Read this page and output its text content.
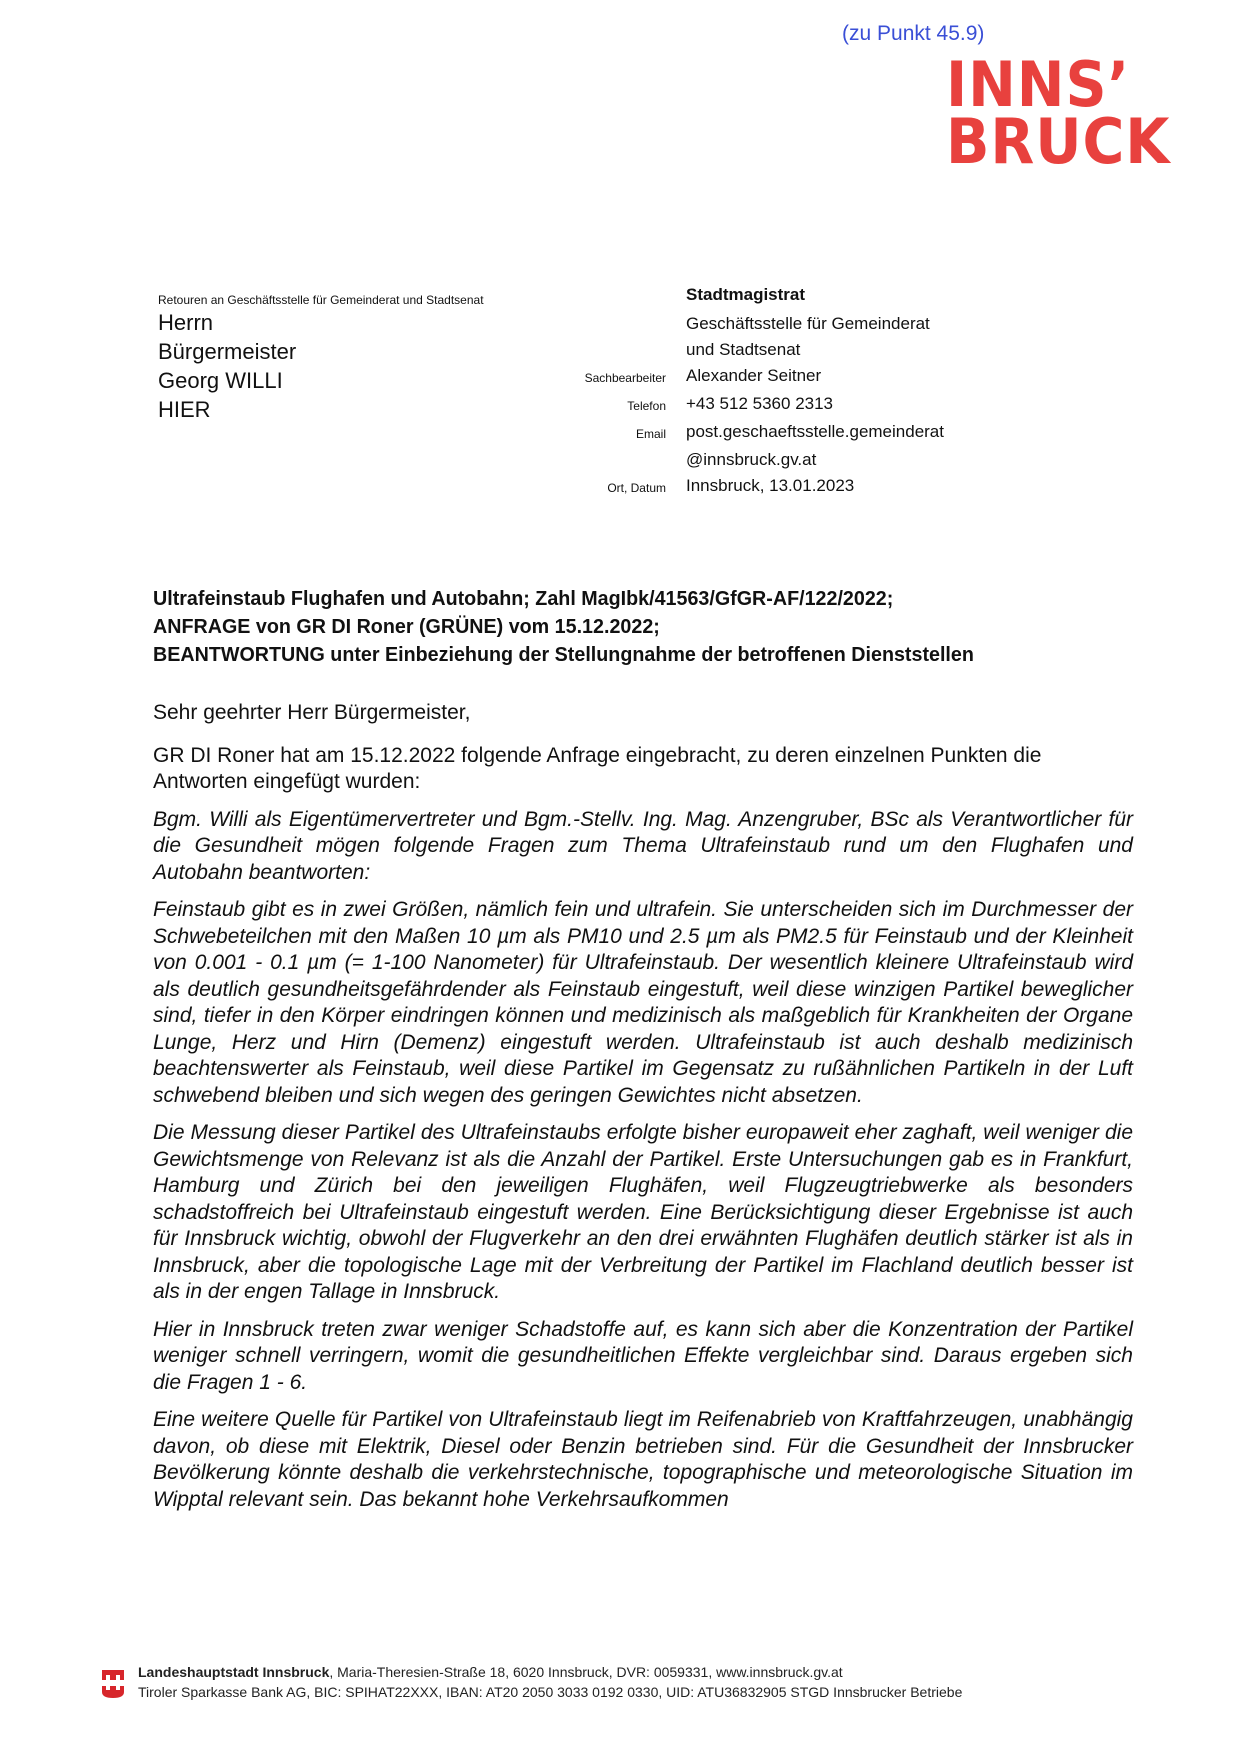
(zu Punkt 45.9)
INNS’
BRUCK
Retouren an Geschäftsstelle für Gemeinderat und Stadtsenat
Herrn
Bürgermeister
Georg WILLI
HIER
Stadtmagistrat
Geschäftsstelle für Gemeinderat
und Stadtsenat
Sachbearbeiter Alexander Seitner
Telefon +43 512 5360 2313
Email post.geschaeftsstelle.gemeinderat
@innsbruck.gv.at
Ort, Datum Innsbruck, 13.01.2023
Ultrafeinstaub Flughafen und Autobahn; Zahl MagIbk/41563/GfGR-AF/122/2022;
ANFRAGE von GR DI Roner (GRÜNE) vom 15.12.2022;
BEANTWORTUNG unter Einbeziehung der Stellungnahme der betroffenen Dienststellen

Sehr geehrter Herr Bürgermeister,

GR DI Roner hat am 15.12.2022 folgende Anfrage eingebracht, zu deren einzelnen Punkten die Antworten eingefügt wurden:

Bgm. Willi als Eigentümervertreter und Bgm.-Stellv. Ing. Mag. Anzengruber, BSc als Verantwortlicher für die Gesundheit mögen folgende Fragen zum Thema Ultrafeinstaub rund um den Flughafen und Autobahn beantworten:

Feinstaub gibt es in zwei Größen, nämlich fein und ultrafein. Sie unterscheiden sich im Durchmesser der Schwebeteilchen mit den Maßen 10 µm als PM10 und 2.5 µm als PM2.5 für Feinstaub und der Kleinheit von 0.001 - 0.1 µm (= 1-100 Nanometer) für Ultrafeinstaub. Der wesentlich kleinere Ultrafeinstaub wird als deutlich gesundheitsgefährdender als Feinstaub eingestuft, weil diese winzigen Partikel beweglicher sind, tiefer in den Körper eindringen können und medizinisch als maßgeblich für Krankheiten der Organe Lunge, Herz und Hirn (Demenz) eingestuft werden. Ultrafeinstaub ist auch deshalb medizinisch beachtenswerter als Feinstaub, weil diese Partikel im Gegensatz zu rußähnlichen Partikeln in der Luft schwebend bleiben und sich wegen des geringen Gewichtes nicht absetzen.

Die Messung dieser Partikel des Ultrafeinstaubs erfolgte bisher europaweit eher zaghaft, weil weniger die Gewichtsmenge von Relevanz ist als die Anzahl der Partikel. Erste Untersuchungen gab es in Frankfurt, Hamburg und Zürich bei den jeweiligen Flughäfen, weil Flugzeugtriebwerke als besonders schadstoffreich bei Ultrafeinstaub eingestuft werden. Eine Berücksichtigung dieser Ergebnisse ist auch für Innsbruck wichtig, obwohl der Flugverkehr an den drei erwähnten Flughäfen deutlich stärker ist als in Innsbruck, aber die topologische Lage mit der Verbreitung der Partikel im Flachland deutlich besser ist als in der engen Tallage in Innsbruck.

Hier in Innsbruck treten zwar weniger Schadstoffe auf, es kann sich aber die Konzentration der Partikel weniger schnell verringern, womit die gesundheitlichen Effekte vergleichbar sind. Daraus ergeben sich die Fragen 1 - 6.

Eine weitere Quelle für Partikel von Ultrafeinstaub liegt im Reifenabrieb von Kraftfahrzeugen, unabhängig davon, ob diese mit Elektrik, Diesel oder Benzin betrieben sind. Für die Gesundheit der Innsbrucker Bevölkerung könnte deshalb die verkehrstechnische, topographische und meteorologische Situation im Wipptal relevant sein. Das bekannt hohe Verkehrsaufkommen

Landeshauptstadt Innsbruck, Maria-Theresien-Straße 18, 6020 Innsbruck, DVR: 0059331, www.innsbruck.gv.at
Tiroler Sparkasse Bank AG, BIC: SPIHAT22XXX, IBAN: AT20 2050 3033 0192 0330, UID: ATU36832905 STGD Innsbrucker Betriebe
